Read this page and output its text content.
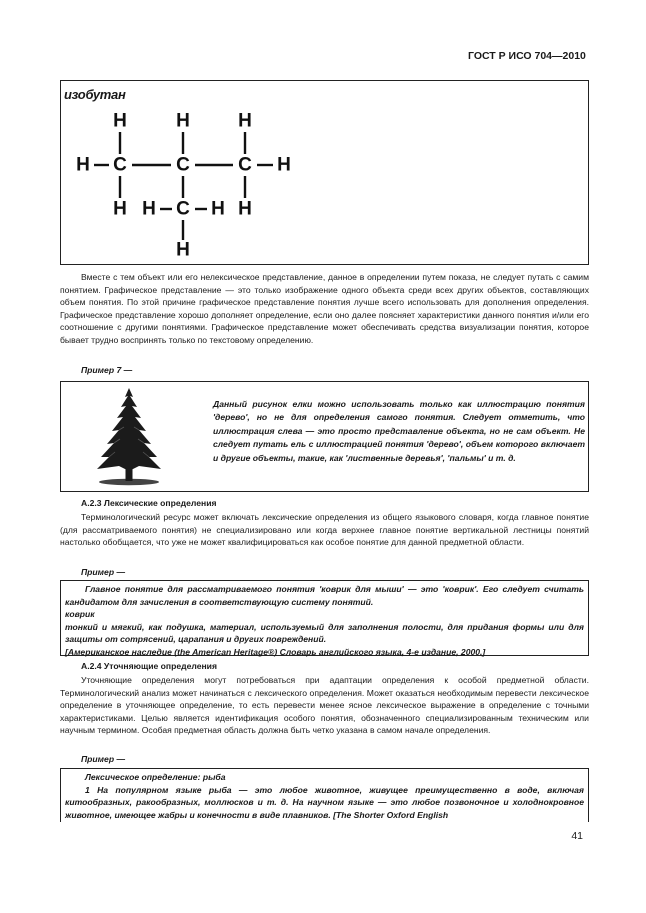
ГОСТ Р ИСО 704—2010
изобутан
H	H	H
H C	C	C H
H H C H H
H

Вместе с тем объект или его нелексическое представление, данное в определении путем показа, не следует путать с самим понятием. Графическое представление — это только изображение одного объекта среди всех других объектов, составляющих объем понятия. По этой причине графическое представление понятия лучше всего использовать для дополнения определения. Графическое представление хорошо дополняет определение, если оно далее поясняет характеристики данного понятия и/или его соотношение с другими понятиями. Графическое представление может обеспечивать средства визуализации понятия, которое бывает трудно воспринять только по текстовому определению.

Пример 7 —
Данный рисунок елки можно использовать только как иллюстрацию понятия 'дерево', но не для определения самого понятия. Следует отметить, что иллюстрация слева — это просто представление объекта, но не сам объект. Не следует путать ель с иллюстрацией понятия 'дерево', объем которого включает и другие объекты, такие, как 'лиственные деревья', 'пальмы' и т. д.
А.2.3 Лексические определения

Терминологический ресурс может включать лексические определения из общего языкового словаря, когда главное понятие (для рассматриваемого понятия) не специализировано или когда верхнее главное понятие вертикальной лестницы понятий настолько обобщается, что уже не может квалифицироваться как особое понятие для данной предметной области.

Пример —
Главное понятие для рассматриваемого понятия 'коврик для мыши' — это 'коврик'. Его следует считать кандидатом для зачисления в соответствующую систему понятий.
коврик
тонкий и мягкий, как подушка, материал, используемый для заполнения полости, для придания формы или для защиты от сотрясений, царапания и других повреждений.
[Американское наследие (the American Heritage®) Словарь английского языка, 4-е издание, 2000.]
А.2.4 Уточняющие определения

Уточняющие определения могут потребоваться при адаптации определения к особой предметной области. Терминологический анализ может начинаться с лексического определения. Может оказаться необходимым перевести лексическое определение в уточняющее определение, то есть перевести менее ясное лексическое выражение в определение с точными характеристиками. Целью является идентификация особого понятия, обозначенного специализированным техническим или научным термином. Особая предметная область должна быть четко указана в самом начале определения.

Пример —
Лексическое определение: рыба
1 На популярном языке рыба — это любое животное, живущее преимущественно в воде, включая китообразных, ракообразных, моллюсков и т. д. На научном языке — это любое позвоночное и холоднокровное животное, имеющее жабры и конечности в виде плавников. [The Shorter Oxford English
41
